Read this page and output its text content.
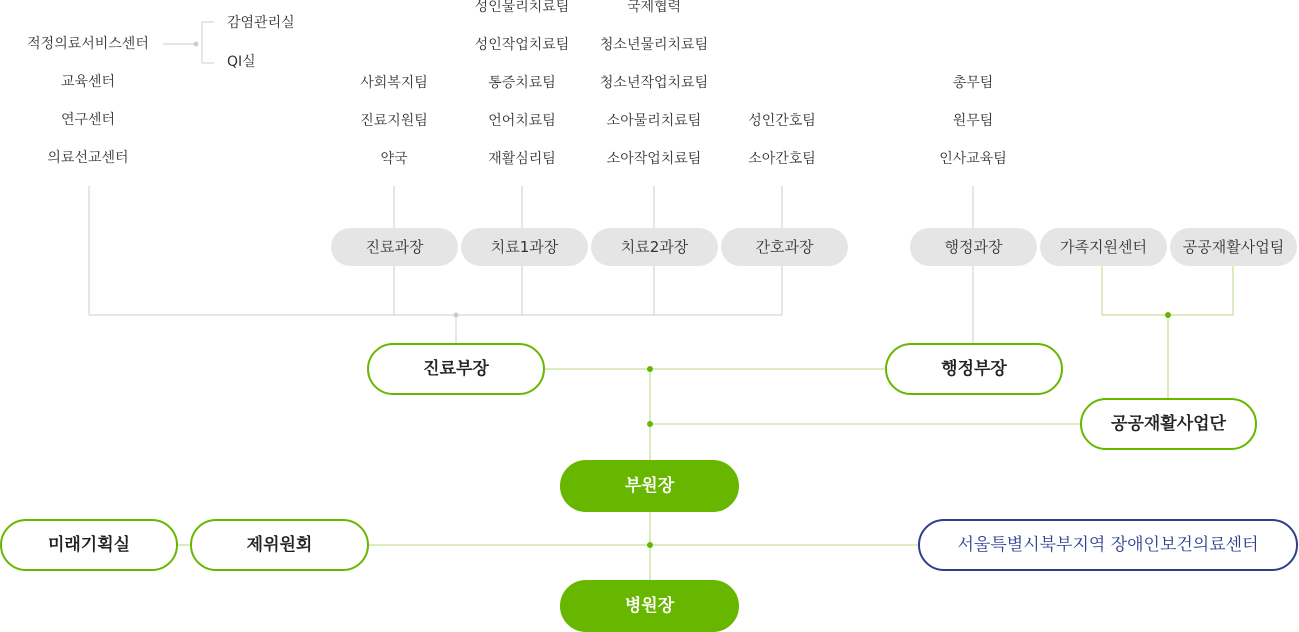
적정의료서비스센터
감염관리실
QI실
교육센터
연구센터
의료선교센터
사회복지팀
진료지원팀
약국
성인물리치료팀
성인작업치료팀
통증치료팀
언어치료팀
재활심리팀
국제협력
청소년물리치료팀
청소년작업치료팀
소아물리치료팀
소아작업치료팀
성인간호팀
소아간호팀
총무팀
원무팀
인사교육팀
진료과장	치료1과장	치료2과장	간호과장	행정과장	가족지원센터	공공재활사업팀
진료부장	행정부장
공공재활사업단
부원장
병원장
미래기획실	제위원회	서울특별시북부지역 장애인보건의료센터
